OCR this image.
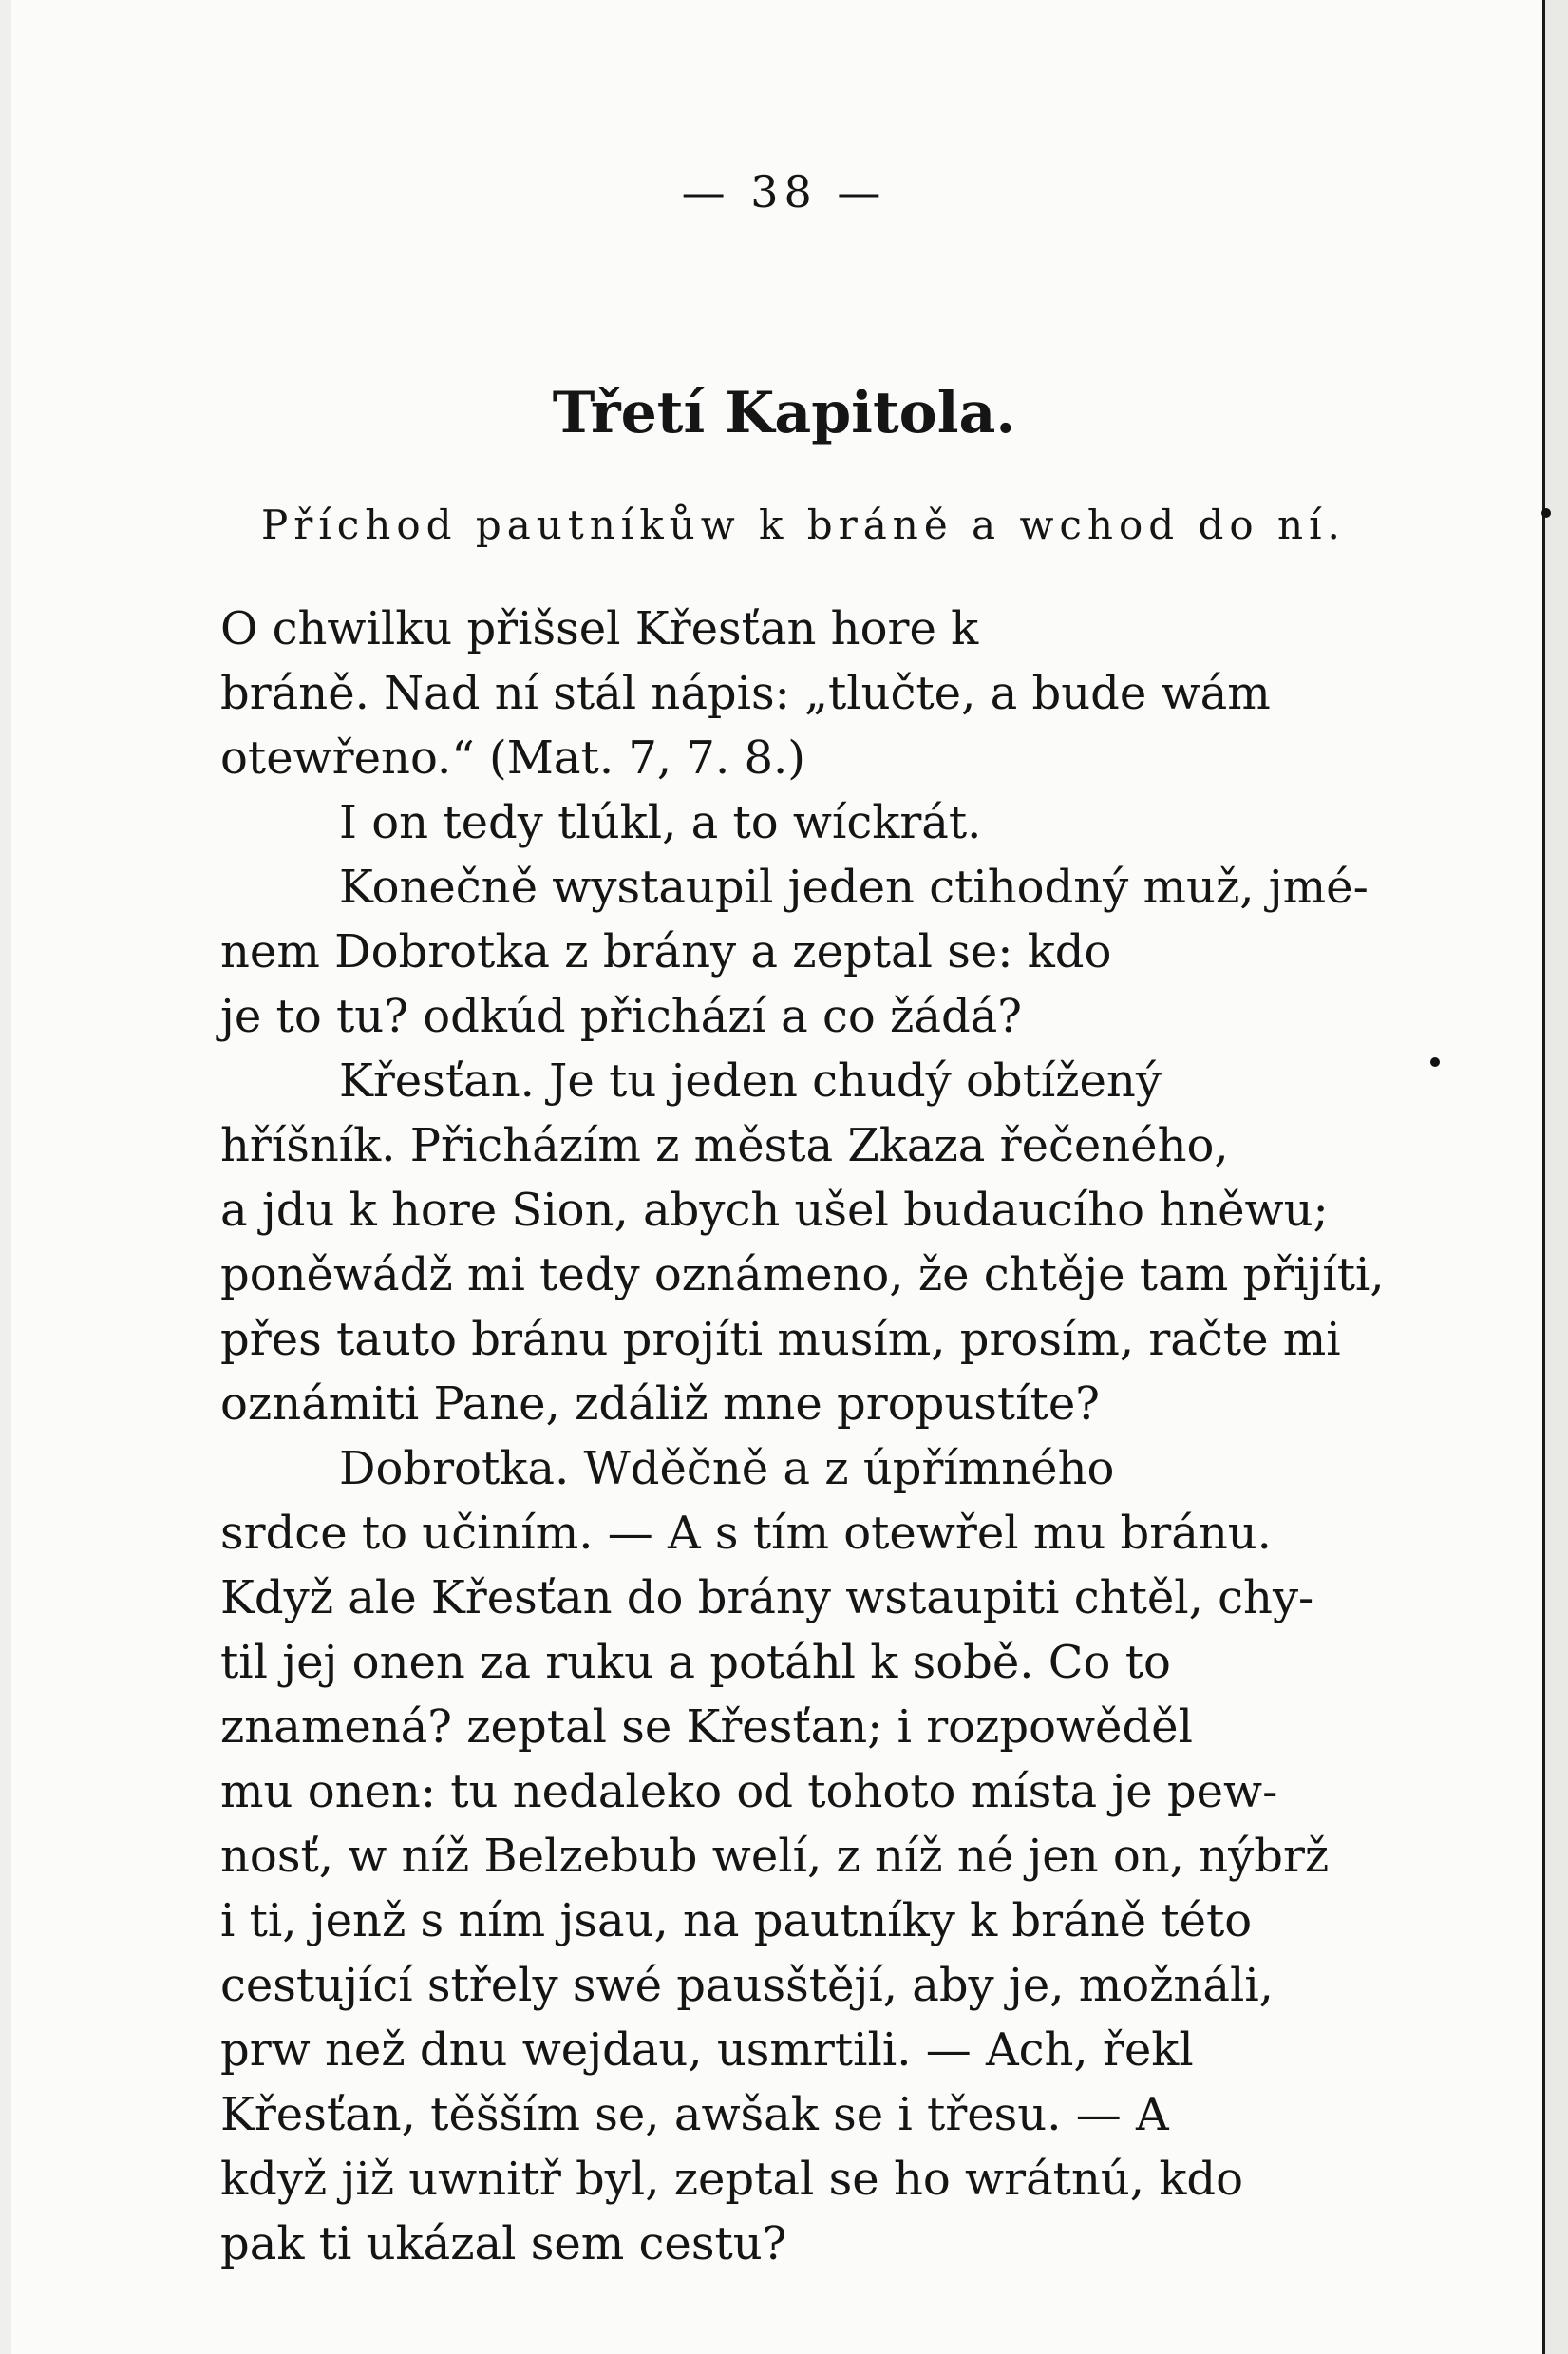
— 38 —
Třetí Kapitola.
Příchod pautníkůw k bráně a wchod do ní.
O chwilku přišsel Křesťan hore k
bráně. Nad ní stál nápis: „tlučte, a bude wám
otewřeno.“ (Mat. 7, 7. 8.)
I on tedy tlúkl, a to wíckrát.
Konečně wystaupil jeden ctihodný muž, jmé-
nem Dobrotka z brány a zeptal se: kdo
je to tu? odkúd přichází a co žádá?
Křesťan. Je tu jeden chudý obtížený
hříšník. Přicházím z města Zkaza řečeného,
a jdu k hore Sion, abych ušel budaucího hněwu;
poněwádž mi tedy oznámeno, že chtěje tam přijíti,
přes tauto bránu projíti musím, prosím, račte mi
oznámiti Pane, zdáliž mne propustíte?
Dobrotka. Wděčně a z úpřímného
srdce to učiním. — A s tím otewřel mu bránu.
Když ale Křesťan do brány wstaupiti chtěl, chy-
til jej onen za ruku a potáhl k sobě. Co to
znamená? zeptal se Křesťan; i rozpowěděl
mu onen: tu nedaleko od tohoto místa je pew-
nosť, w níž Belzebub welí, z níž né jen on, nýbrž
i ti, jenž s ním jsau, na pautníky k bráně této
cestující střely swé pausštějí, aby je, možnáli,
prw než dnu wejdau, usmrtili. — Ach, řekl
Křesťan, těšším se, awšak se i třesu. — A
když již uwnitř byl, zeptal se ho wrátnú, kdo
pak ti ukázal sem cestu?
